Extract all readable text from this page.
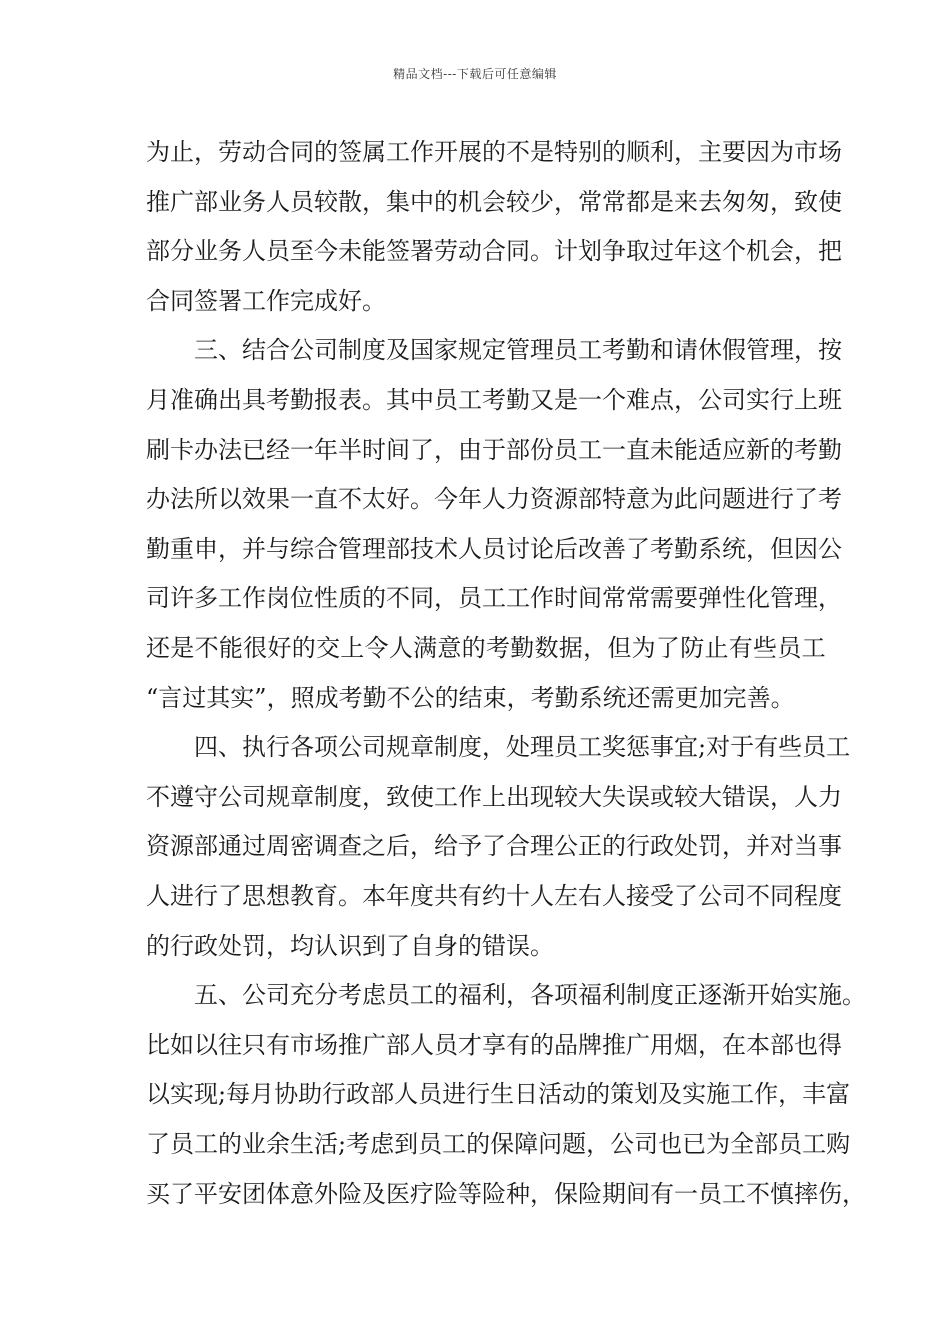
精品文档---下载后可任意编辑
为 止 ， 劳 动 合 同 的 签 属 工 作 开 展 的 不 是 特 别 的 顺 利 ， 主 要 因 为 市 场
推 广 部 业 务 人 员 较 散 ， 集 中 的 机 会 较 少 ， 常 常 都 是 来 去 匆 匆 ， 致 使
部 分 业 务 人 员 至 今 未 能 签 署 劳 动 合 同 。 计 划 争 取 过 年 这 个 机 会 ， 把
合 同 签 署 工 作 完 成 好 。
三 、 结 合 公 司 制 度 及 国 家 规 定 管 理 员 工 考 勤 和 请 休 假 管 理 ， 按
月 准 确 出 具 考 勤 报 表 。 其 中 员 工 考 勤 又 是 一 个 难 点 ， 公 司 实 行 上 班
刷 卡 办 法 已 经 一 年 半 时 间 了 ， 由 于 部 份 员 工 一 直 未 能 适 应 新 的 考 勤
办 法 所 以 效 果 一 直 不 太 好 。 今 年 人 力 资 源 部 特 意 为 此 问 题 进 行 了 考
勤 重 申 ， 并 与 综 合 管 理 部 技 术 人 员 讨 论 后 改 善 了 考 勤 系 统 ， 但 因 公
司 许 多 工 作 岗 位 性 质 的 不 同 ， 员 工 工 作 时 间 常 常 需 要 弹 性 化 管 理 ，
还 是 不 能 很 好 的 交 上 令 人 满 意 的 考 勤 数 据 ， 但 为 了 防 止 有 些 员 工
“ 言 过 其 实 ” ， 照 成 考 勤 不 公 的 结 束 ， 考 勤 系 统 还 需 更 加 完 善 。
四 、 执 行 各 项 公 司 规 章 制 度 ， 处 理 员 工 奖 惩 事 宜 ; 对 于 有 些 员 工
不 遵 守 公 司 规 章 制 度 ， 致 使 工 作 上 出 现 较 大 失 误 或 较 大 错 误 ， 人 力
资 源 部 通 过 周 密 调 查 之 后 ， 给 予 了 合 理 公 正 的 行 政 处 罚 ， 并 对 当 事
人 进 行 了 思 想 教 育 。 本 年 度 共 有 约 十 人 左 右 人 接 受 了 公 司 不 同 程 度
的 行 政 处 罚 ， 均 认 识 到 了 自 身 的 错 误 。
五 、 公 司 充 分 考 虑 员 工 的 福 利 ， 各 项 福 利 制 度 正 逐 渐 开 始 实 施 。
比 如 以 往 只 有 市 场 推 广 部 人 员 才 享 有 的 品 牌 推 广 用 烟 ， 在 本 部 也 得
以 实 现 ; 每 月 协 助 行 政 部 人 员 进 行 生 日 活 动 的 策 划 及 实 施 工 作 ， 丰 富
了 员 工 的 业 余 生 活 ; 考 虑 到 员 工 的 保 障 问 题 ， 公 司 也 已 为 全 部 员 工 购
买 了 平 安 团 体 意 外 险 及 医 疗 险 等 险 种 ， 保 险 期 间 有 一 员 工 不 慎 摔 伤 ，
